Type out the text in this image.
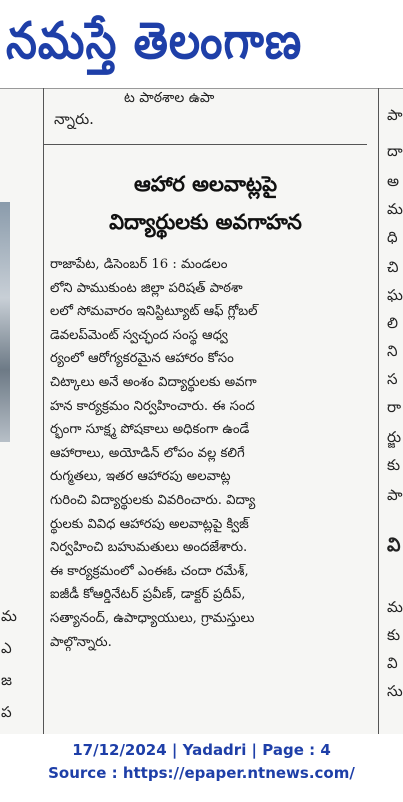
నమస్తే తెలంగాణ
మ
ఎ
జ
ప
ట పాఠశాల ఉపా
న్నారు.
ఆహార అలవాట్లపై
విద్యార్థులకు అవగాహన
రాజాపేట, డిసెంబర్ 16 : మండలం
లోని పాముకుంట జిల్లా పరిషత్ పాఠశా
లలో సోమవారం ఇనిస్టిట్యూట్ ఆఫ్ గ్లోబల్
డెవలప్‌మెంట్ స్వచ్ఛంద సంస్థ ఆధ్వ
ర్యంలో ఆరోగ్యకరమైన ఆహారం కోసం
చిట్కాలు అనే అంశం విద్యార్థులకు అవగా
హన కార్యక్రమం నిర్వహించారు. ఈ సంద
ర్భంగా సూక్ష్మ పోషకాలు అధికంగా ఉండే
ఆహారాలు, అయోడిన్ లోపం వల్ల కలిగే
రుగ్మతలు, ఇతర ఆహారపు అలవాట్ల
గురించి విద్యార్థులకు వివరించారు. విద్యా
ర్థులకు వివిధ ఆహారపు అలవాట్లపై క్విజ్
నిర్వహించి బహుమతులు అందజేశారు.
ఈ కార్యక్రమంలో ఎంఈఓ చందా రమేశ్,
ఐజీడీ కోఆర్డినేటర్ ప్రవీణ్, డాక్టర్ ప్రదీప్,
సత్యానంద్, ఉపాధ్యాయులు, గ్రామస్తులు
పాల్గొన్నారు.
పా
దా
అ
మ
ధి
చి
ఘ
లి
ని
స
రా
ర్జు
కు
పా
వి
మ
కు
వి
సు
17/12/2024 | Yadadri | Page : 4
Source : https://epaper.ntnews.com/
